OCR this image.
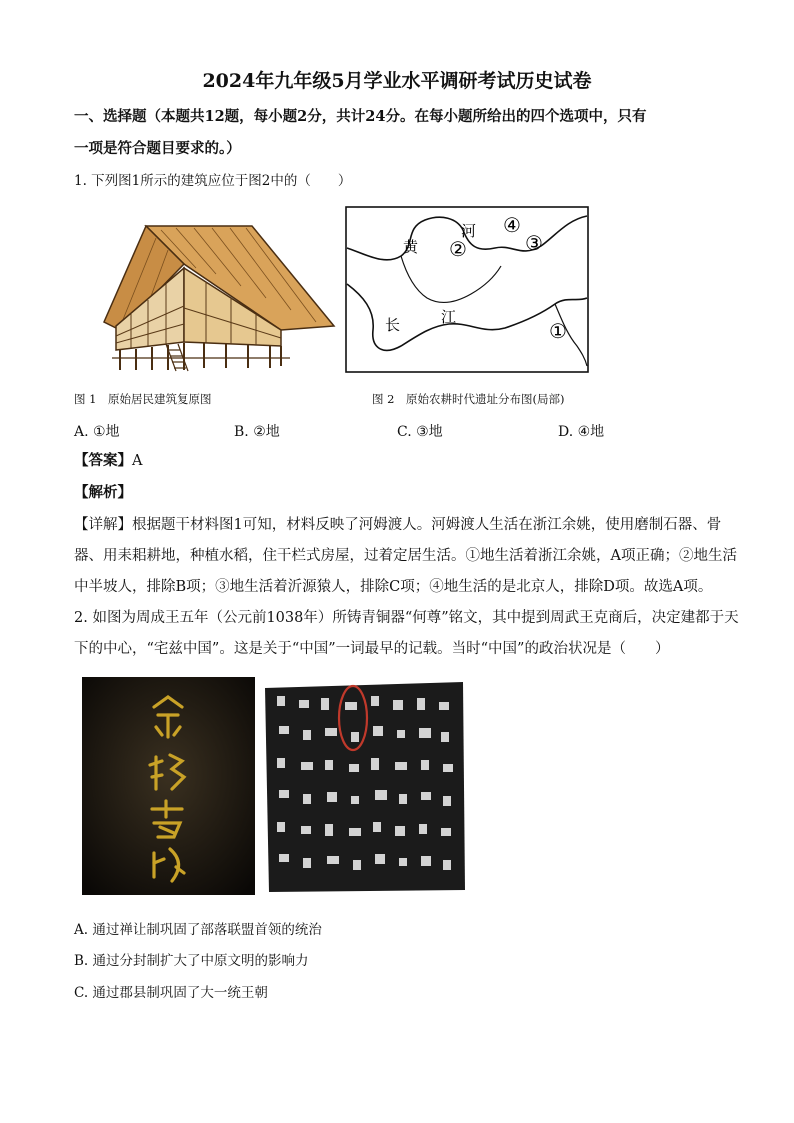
2024年九年级5月学业水平调研考试历史试卷
一、选择题（本题共12题，每小题2分，共计24分。在每小题所给出的四个选项中，只有
一项是符合题目要求的。）
1. 下列图1所示的建筑应位于图2中的（　　）
黄
河
长	江
①
②	③
④
图 1　原始居民建筑复原图	图 2　原始农耕时代遗址分布图(局部)
A. ①地	B. ②地	C. ③地	D. ④地
【答案】A
【解析】
【详解】根据题干材料图1可知，材料反映了河姆渡人。河姆渡人生活在浙江余姚，使用磨制石器、骨
器、用耒耜耕地，种植水稻，住干栏式房屋，过着定居生活。①地生活着浙江余姚，A项正确；②地生活
中半坡人，排除B项；③地生活着沂源猿人，排除C项；④地生活的是北京人，排除D项。故选A项。
2. 如图为周成王五年（公元前1038年）所铸青铜器“何尊”铭文，其中提到周武王克商后，决定建都于天
下的中心，“宅兹中国”。这是关于“中国”一词最早的记载。当时“中国”的政治状况是（　　）
A. 通过禅让制巩固了部落联盟首领的统治
B. 通过分封制扩大了中原文明的影响力
C. 通过郡县制巩固了大一统王朝
